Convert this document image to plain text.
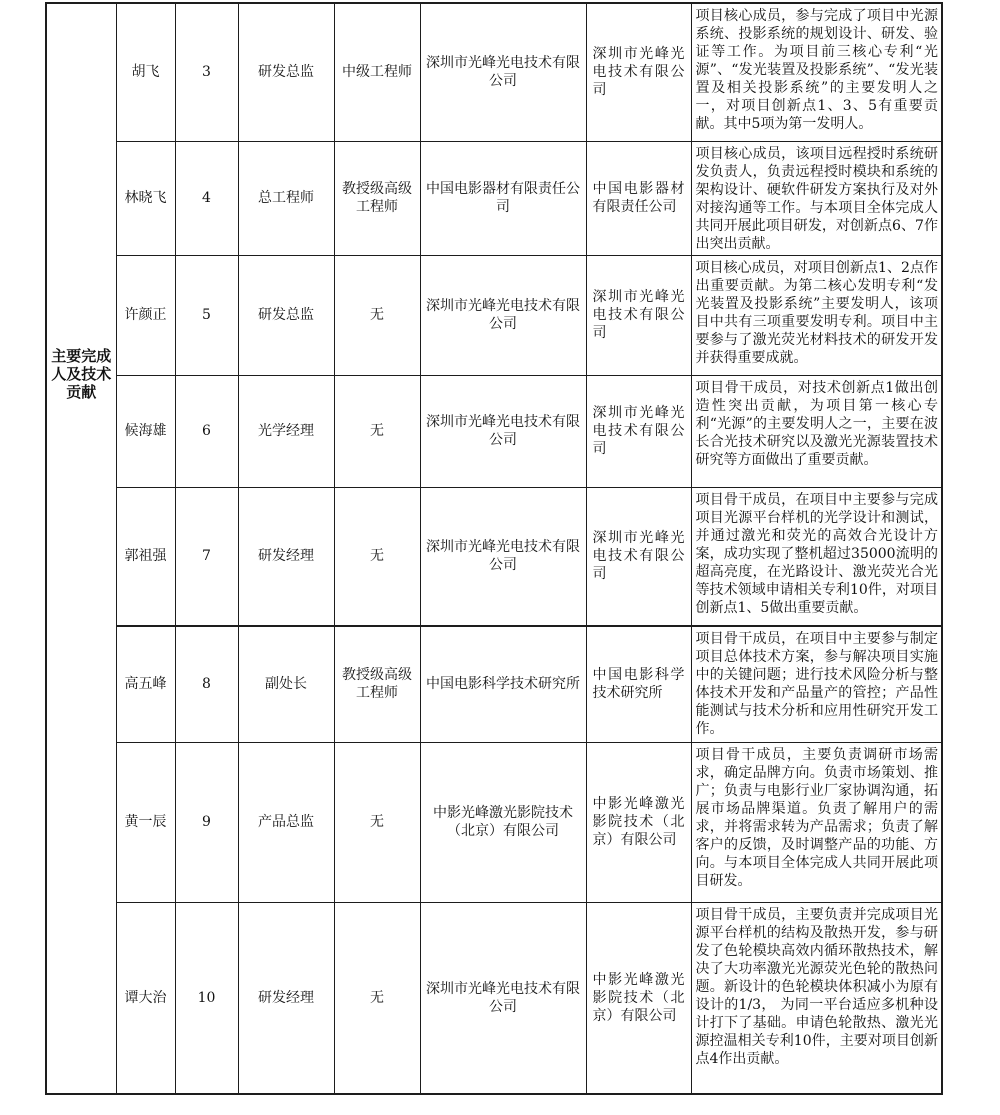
主要完成人及技术贡献	胡飞	3	研发总监	中级工程师	深圳市光峰光电技术有限公司	深圳市光峰光电技术有限公司	项目核心成员，参与完成了项目中光源系统、投影系统的规划设计、研发、验证等工作。为项目前三核心专利“光源”、“发光装置及投影系统”、“发光装置及相关投影系统”的主要发明人之一，对项目创新点1、3、5有重要贡献。其中5项为第一发明人。
	林晓飞	4	总工程师	教授级高级工程师	中国电影器材有限责任公司	中国电影器材有限责任公司	项目核心成员，该项目远程授时系统研发负责人，负责远程授时模块和系统的架构设计、硬软件研发方案执行及对外对接沟通等工作。与本项目全体完成人共同开展此项目研发，对创新点6、7作出突出贡献。
	许颜正	5	研发总监	无	深圳市光峰光电技术有限公司	深圳市光峰光电技术有限公司	项目核心成员，对项目创新点1、2点作出重要贡献。为第二核心发明专利“发光装置及投影系统”主要发明人，该项目中共有三项重要发明专利。项目中主要参与了激光荧光材料技术的研发开发并获得重要成就。
	候海雄	6	光学经理	无	深圳市光峰光电技术有限公司	深圳市光峰光电技术有限公司	项目骨干成员，对技术创新点1做出创造性突出贡献，为项目第一核心专利“光源”的主要发明人之一，主要在波长合光技术研究以及激光光源装置技术研究等方面做出了重要贡献。
	郭祖强	7	研发经理	无	深圳市光峰光电技术有限公司	深圳市光峰光电技术有限公司	项目骨干成员，在项目中主要参与完成项目光源平台样机的光学设计和测试，并通过激光和荧光的高效合光设计方案，成功实现了整机超过35000流明的超高亮度，在光路设计、激光荧光合光等技术领域申请相关专利10件，对项目创新点1、5做出重要贡献。
	高五峰	8	副处长	教授级高级工程师	中国电影科学技术研究所	中国电影科学技术研究所	项目骨干成员，在项目中主要参与制定项目总体技术方案，参与解决项目实施中的关键问题；进行技术风险分析与整体技术开发和产品量产的管控；产品性能测试与技术分析和应用性研究开发工作。
	黄一辰	9	产品总监	无	中影光峰激光影院技术（北京）有限公司	中影光峰激光影院技术（北京）有限公司	项目骨干成员，主要负责调研市场需求，确定品牌方向。负责市场策划、推广；负责与电影行业厂家协调沟通，拓展市场品牌渠道。负责了解用户的需求，并将需求转为产品需求；负责了解客户的反馈，及时调整产品的功能、方向。与本项目全体完成人共同开展此项目研发。
	谭大治	10	研发经理	无	深圳市光峰光电技术有限公司	中影光峰激光影院技术（北京）有限公司	项目骨干成员，主要负责并完成项目光源平台样机的结构及散热开发，参与研发了色轮模块高效内循环散热技术，解决了大功率激光光源荧光色轮的散热问题。新设计的色轮模块体积减小为原有设计的1/3， 为同一平台适应多机种设计打下了基础。申请色轮散热、激光光源控温相关专利10件，主要对项目创新点4作出贡献。
